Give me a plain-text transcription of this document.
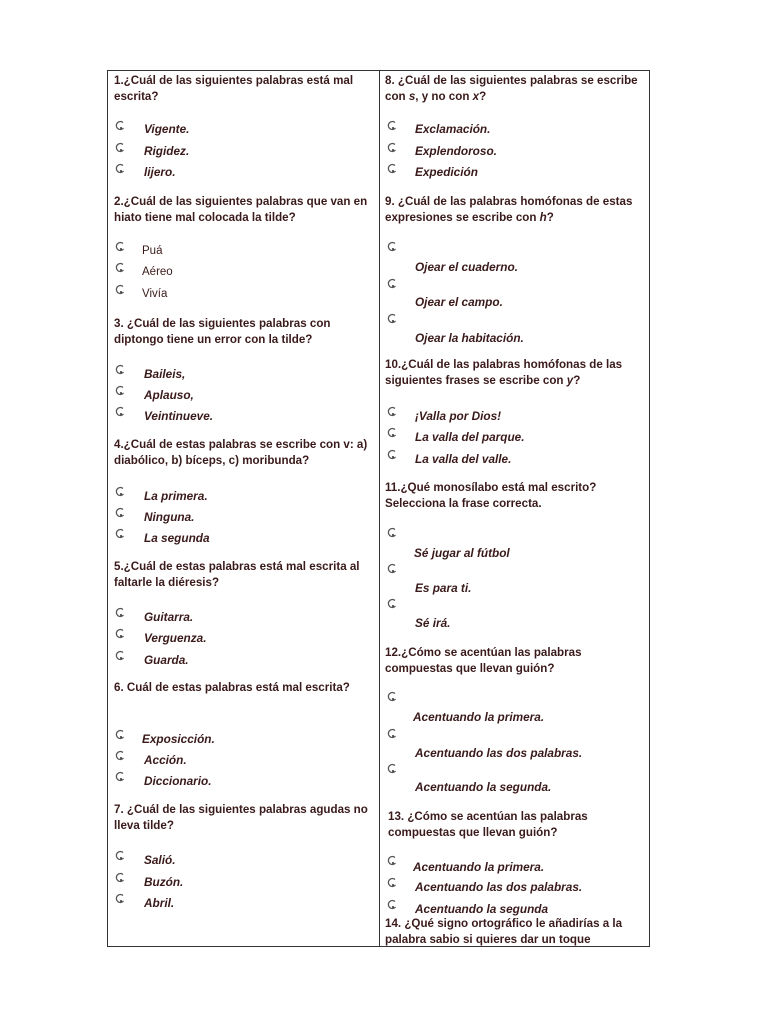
1.¿Cuál de las siguientes palabras está mal escrita?
Vigente.
Rigidez.
lijero.
2.¿Cuál de las siguientes palabras que van en hiato tiene mal colocada la tilde?
Puá
Aéreo
Vivía
3. ¿Cuál de las siguientes palabras con diptongo tiene un error con la tilde?
Baileis,
Aplauso,
Veintinueve.
4.¿Cuál de estas palabras se escribe con v: a) diabólico, b) bíceps, c) moribunda?
La primera.
Ninguna.
La segunda
5.¿Cuál de estas palabras está mal escrita al faltarle la diéresis?
Guitarra.
Verguenza.
Guarda.
6. Cuál de estas palabras está mal escrita?
Exposicción.
Acción.
Diccionario.
7. ¿Cuál de las siguientes palabras agudas no lleva tilde?
Salió.
Buzón.
Abril.
8. ¿Cuál de las siguientes palabras se escribe con s, y no con x?
Exclamación.
Explendoroso.
Expedición
9. ¿Cuál de las palabras homófonas de estas expresiones se escribe con h?
Ojear el cuaderno.
Ojear el campo.
Ojear la habitación.
10.¿Cuál de las palabras homófonas de las siguientes frases se escribe con y?
¡Valla por Dios!
La valla del parque.
La valla del valle.
11.¿Qué monosílabo está mal escrito? Selecciona la frase correcta.
Sé jugar al fútbol
Es para ti.
Sé irá.
12.¿Cómo se acentúan las palabras compuestas que llevan guión?
Acentuando la primera.
Acentuando las dos palabras.
Acentuando la segunda.
13. ¿Cómo se acentúan las palabras compuestas que llevan guión?
Acentuando la primera.
Acentuando las dos palabras.
Acentuando la segunda
14. ¿Qué signo ortográfico le añadirías a la palabra sabio si quieres dar un toque
